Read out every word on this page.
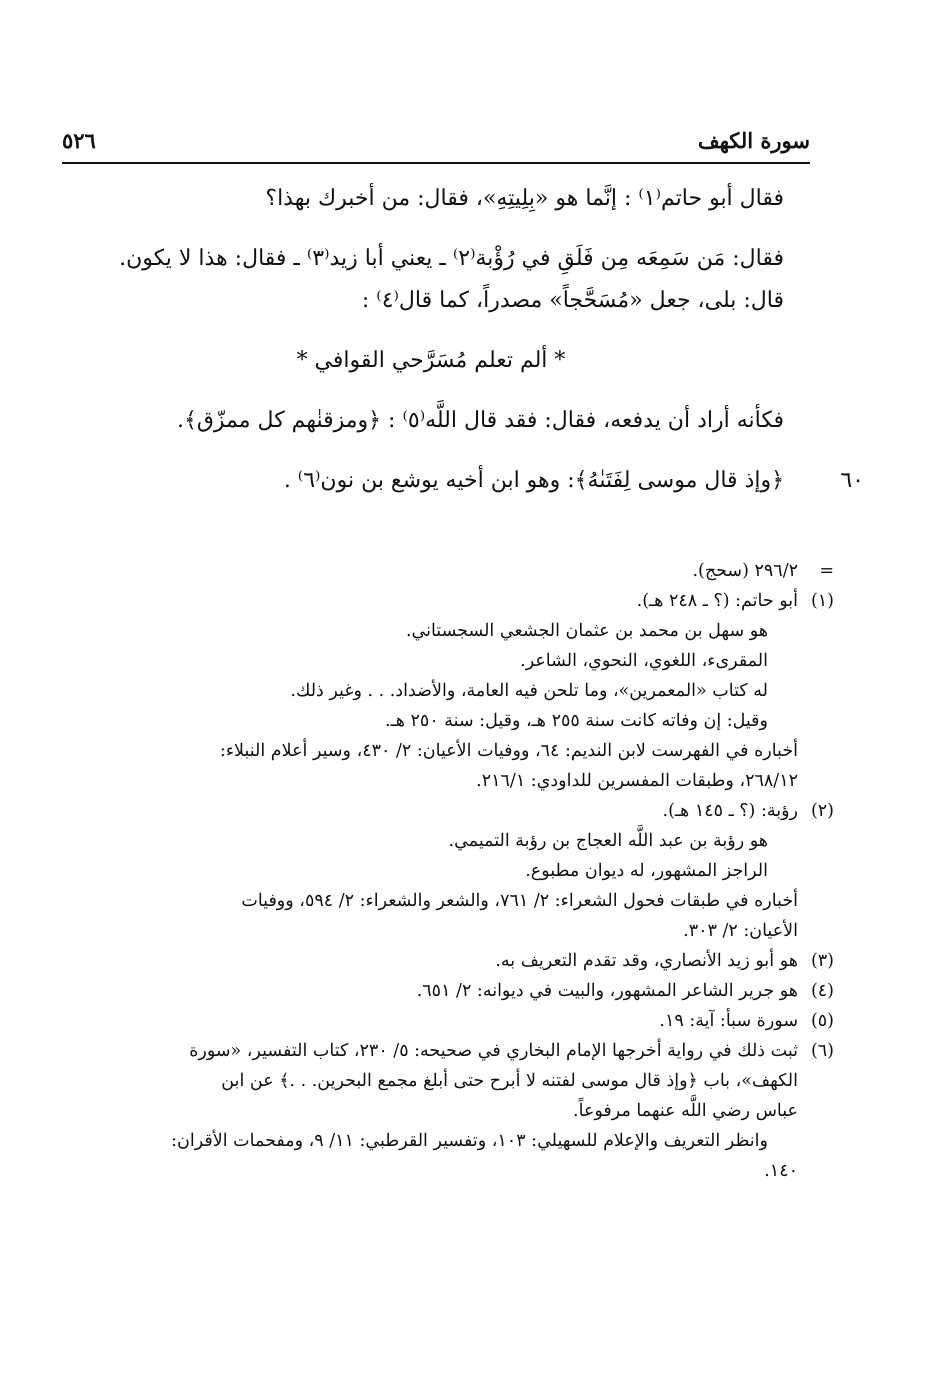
سورة الكهف
٥٢٦

فقال أبو حاتم⁽١⁾ : إنَّما هو «بِلِيتِهِ»، فقال: من أخبرك بهذا؟

فقال: مَن سَمِعَه مِن فَلَقِ في رُؤْبة⁽٢⁾ ـ يعني أبا زيد⁽٣⁾ ـ فقال: هذا لا يكون. قال: بلى، جعل «مُسَحَّجاً» مصدراً، كما قال⁽٤⁾ :

* ألم تعلم مُسَرَّحي القوافي *

فكأنه أراد أن يدفعه، فقال: فقد قال اللَّه⁽٥⁾ : ﴿ومزقنٰهم كل ممزّق﴾.

٦٠
﴿وإذ قال موسى لِفَتَىٰهُ﴾: وهو ابن أخيه يوشع بن نون⁽٦⁾ .

=
٢٩٦/٢ (سحج).
(١)
أبو حاتم: (؟ ـ ٢٤٨ هـ).
هو سهل بن محمد بن عثمان الجشعي السجستاني.
المقرىء، اللغوي، النحوي، الشاعر.
له كتاب «المعمرين»، وما تلحن فيه العامة، والأضداد. . . وغير ذلك.
وقيل: إن وفاته كانت سنة ٢٥٥ هـ، وقيل: سنة ٢٥٠ هـ.
أخباره في الفهرست لابن النديم: ٦٤، ووفيات الأعيان: ٢/ ٤٣٠، وسير أعلام النبلاء:
٢٦٨/١٢، وطبقات المفسرين للداودي: ٢١٦/١.
(٢)
رؤبة: (؟ ـ ١٤٥ هـ).
هو رؤبة بن عبد اللَّه العجاج بن رؤبة التميمي.
الراجز المشهور، له ديوان مطبوع.
أخباره في طبقات فحول الشعراء: ٢/ ٧٦١، والشعر والشعراء: ٢/ ٥٩٤، ووفيات
الأعيان: ٢/ ٣٠٣.
(٣)
هو أبو زيد الأنصاري، وقد تقدم التعريف به.
(٤)
هو جرير الشاعر المشهور، والبيت في ديوانه: ٢/ ٦٥١.
(٥)
سورة سبأ: آية: ١٩.
(٦)
ثبت ذلك في رواية أخرجها الإمام البخاري في صحيحه: ٥/ ٢٣٠، كتاب التفسير، «سورة
الكهف»، باب ﴿وإذ قال موسى لفتنه لا أبرح حتى أبلغ مجمع البحرين. . .﴾ عن ابن
عباس رضي اللَّه عنهما مرفوعاً.
وانظر التعريف والإعلام للسهيلي: ١٠٣، وتفسير القرطبي: ١١/ ٩، ومفحمات الأقران:
١٤٠.
